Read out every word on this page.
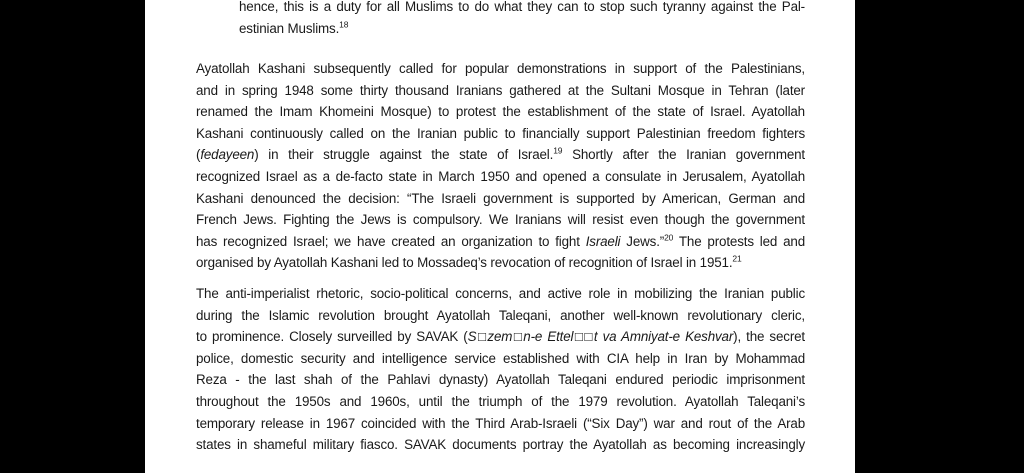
hence, this is a duty for all Muslims to do what they can to stop such tyranny against the Pal-
estinian Muslims.$^{18}$
Ayatollah Kashani subsequently called for popular demonstrations in support of the Palestinians,
and in spring 1948 some thirty thousand Iranians gathered at the Sultani Mosque in Tehran (later
renamed the Imam Khomeini Mosque) to protest the establishment of the state of Israel. Ayatollah
Kashani continuously called on the Iranian public to financially support Palestinian freedom fighters
(fedayeen) in their struggle against the state of Israel.$^{19}$ Shortly after the Iranian government
recognized Israel as a de-facto state in March 1950 and opened a consulate in Jerusalem, Ayatollah
Kashani denounced the decision: “The Israeli government is supported by American, German and
French Jews. Fighting the Jews is compulsory. We Iranians will resist even though the government
has recognized Israel; we have created an organization to fight Israeli Jews.”$^{20}$ The protests led and
organised by Ayatollah Kashani led to Mossadeq’s revocation of recognition of Israel in 1951.21
The anti-imperialist rhetoric, socio-political concerns, and active role in mobilizing the Iranian public
during the Islamic revolution brought Ayatollah Taleqani, another well-known revolutionary cleric,
to prominence. Closely surveilled by SAVAK (S□zem□n-e Ettel□□t va Amniyat-e Keshvar), the secret
police, domestic security and intelligence service established with CIA help in Iran by Mohammad
Reza - the last shah of the Pahlavi dynasty) Ayatollah Taleqani endured periodic imprisonment
throughout the 1950s and 1960s, until the triumph of the 1979 revolution. Ayatollah Taleqani’s
temporary release in 1967 coincided with the Third Arab-Israeli (“Six Day”) war and rout of the Arab
states in shameful military fiasco. SAVAK documents portray the Ayatollah as becoming increasingly
